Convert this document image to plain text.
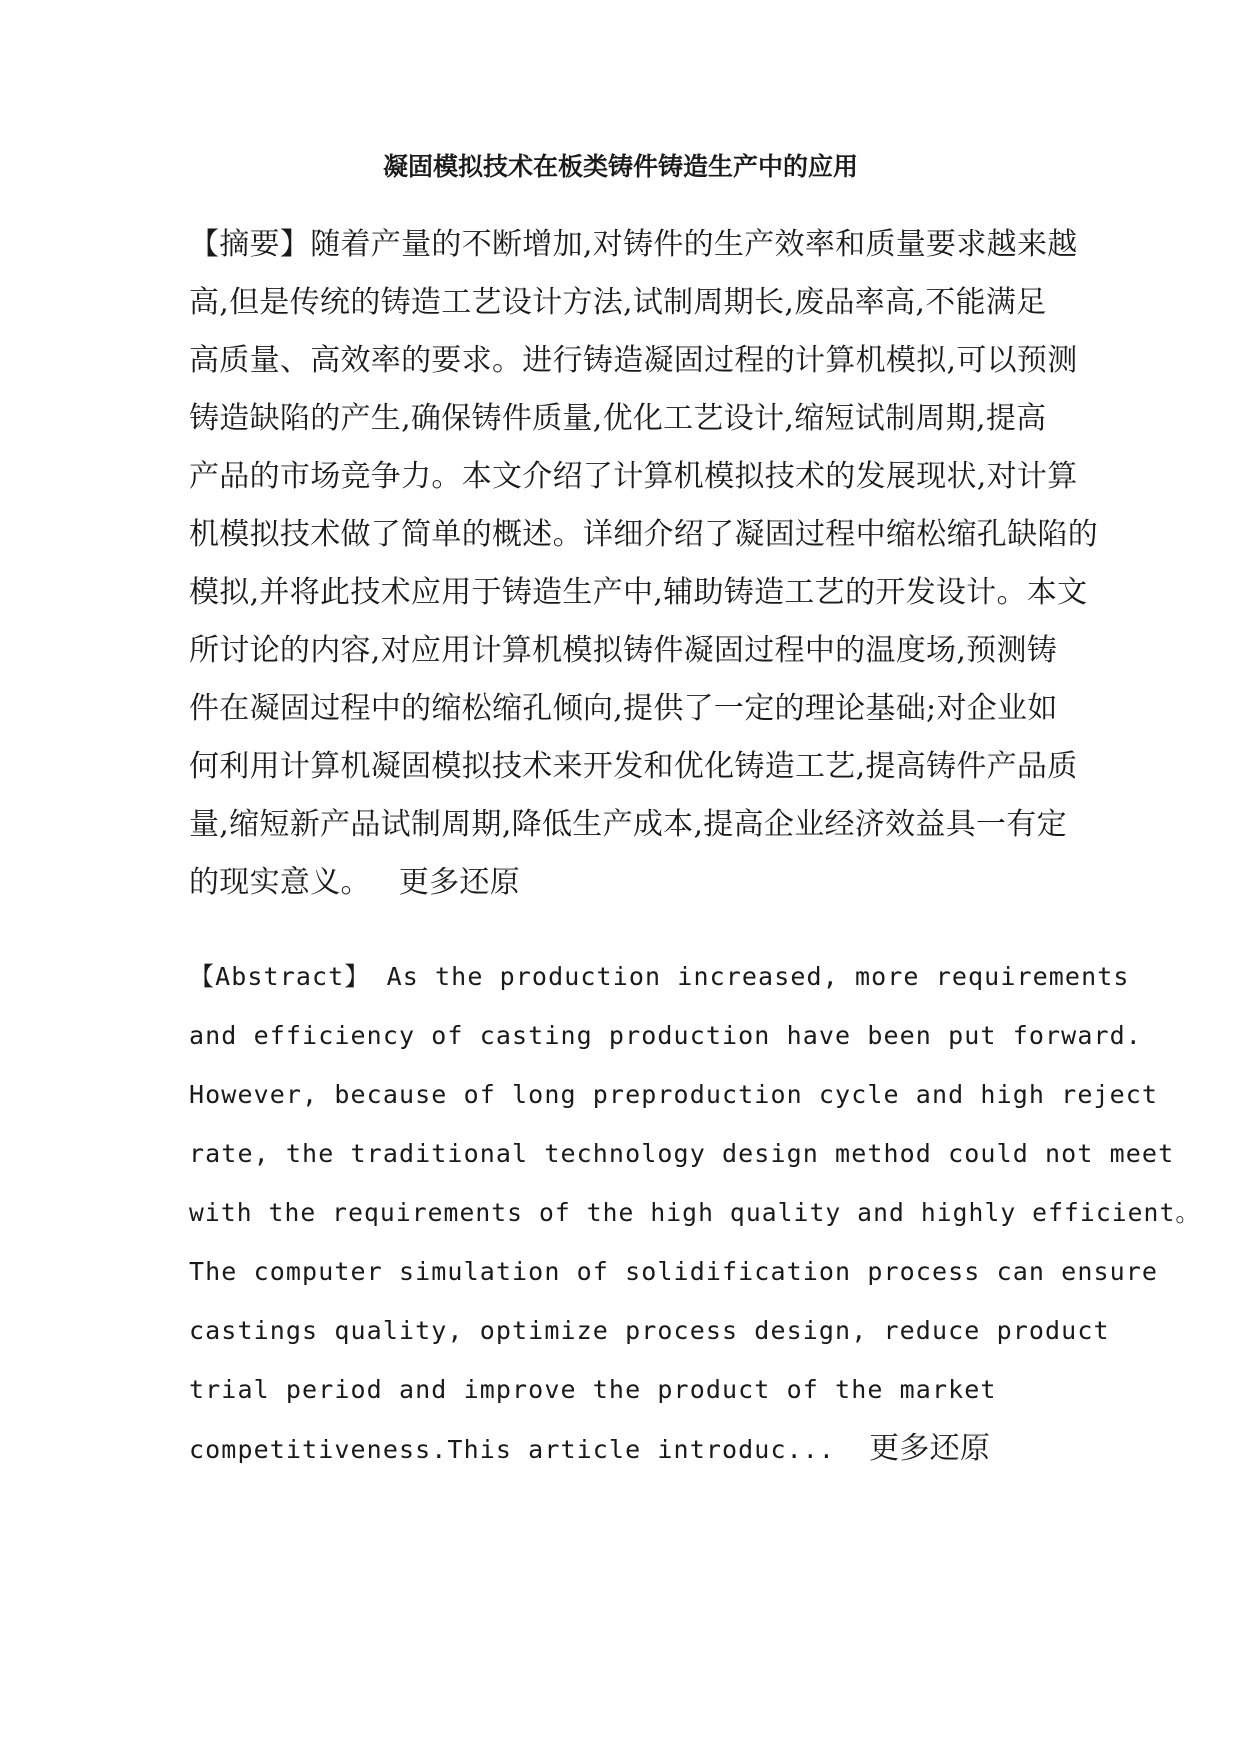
凝固模拟技术在板类铸件铸造生产中的应用
【摘要】随着产量的不断增加,对铸件的生产效率和质量要求越来越
高,但是传统的铸造工艺设计方法,试制周期长,废品率高,不能满足
高质量、高效率的要求。进行铸造凝固过程的计算机模拟,可以预测
铸造缺陷的产生,确保铸件质量,优化工艺设计,缩短试制周期,提高
产品的市场竞争力。本文介绍了计算机模拟技术的发展现状,对计算
机模拟技术做了简单的概述。详细介绍了凝固过程中缩松缩孔缺陷的
模拟,并将此技术应用于铸造生产中,辅助铸造工艺的开发设计。本文
所讨论的内容,对应用计算机模拟铸件凝固过程中的温度场,预测铸
件在凝固过程中的缩松缩孔倾向,提供了一定的理论基础;对企业如
何利用计算机凝固模拟技术来开发和优化铸造工艺,提高铸件产品质
量,缩短新产品试制周期,降低生产成本,提高企业经济效益具一有定
的现实意义。 更多还原
【Abstract】 As the production increased, more requirements
and efficiency of casting production have been put forward.
However, because of long preproduction cycle and high reject
rate, the traditional technology design method could not meet
with the requirements of the high quality and highly efficient。
The computer simulation of solidification process can ensure
castings quality, optimize process design, reduce product
trial period and improve the product of the market
competitiveness.This article introduc... 更多还原
